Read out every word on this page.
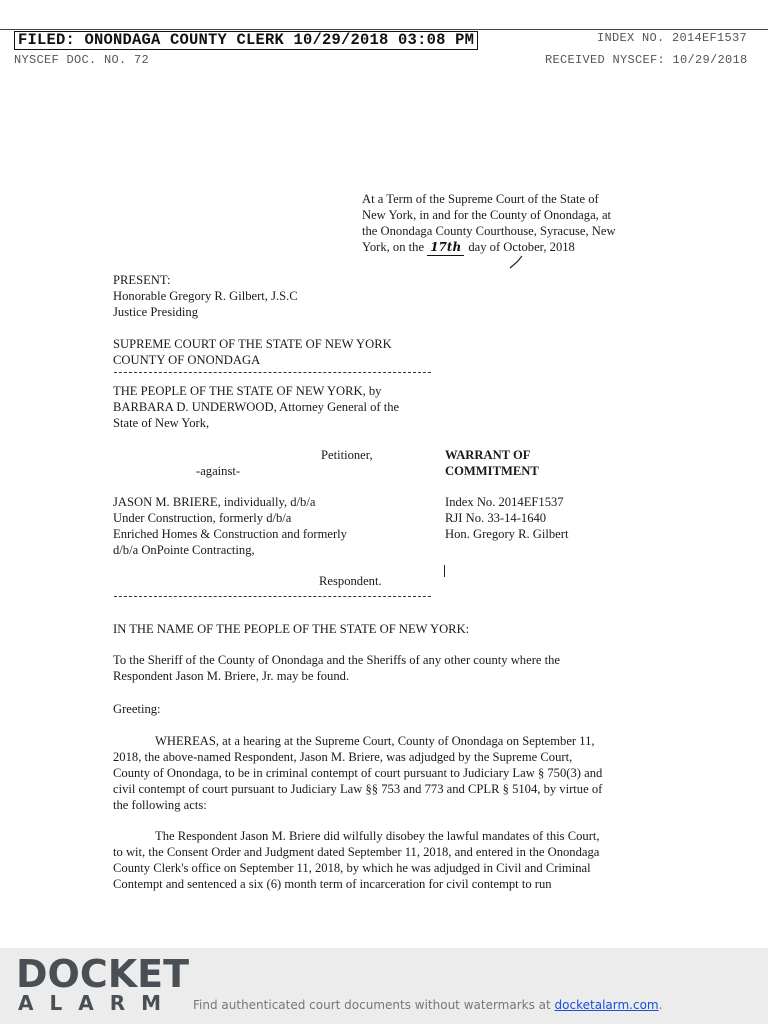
FILED: ONONDAGA COUNTY CLERK 10/29/2018 03:08 PM	INDEX NO. 2014EF1537
NYSCEF DOC. NO. 72	RECEIVED NYSCEF: 10/29/2018
At a Term of the Supreme Court of the State of
New York, in and for the County of Onondaga, at
the Onondaga County Courthouse, Syracuse, New
York, on the 17th day of October, 2018
PRESENT:
Honorable Gregory R. Gilbert, J.S.C
Justice Presiding
SUPREME COURT OF THE STATE OF NEW YORK
COUNTY OF ONONDAGA
THE PEOPLE OF THE STATE OF NEW YORK, by
BARBARA D. UNDERWOOD, Attorney General of the
State of New York,
Petitioner,
-against-
WARRANT OF
COMMITMENT
JASON M. BRIERE, individually, d/b/a
Under Construction, formerly d/b/a
Enriched Homes & Construction and formerly
d/b/a OnPointe Contracting,
Respondent.
Index No. 2014EF1537
RJI No. 33-14-1640
Hon. Gregory R. Gilbert
IN THE NAME OF THE PEOPLE OF THE STATE OF NEW YORK:
To the Sheriff of the County of Onondaga and the Sheriffs of any other county where the
Respondent Jason M. Briere, Jr. may be found.
Greeting:
WHEREAS, at a hearing at the Supreme Court, County of Onondaga on September 11,
2018, the above-named Respondent, Jason M. Briere, was adjudged by the Supreme Court,
County of Onondaga, to be in criminal contempt of court pursuant to Judiciary Law § 750(3) and
civil contempt of court pursuant to Judiciary Law §§ 753 and 773 and CPLR § 5104, by virtue of
the following acts:
The Respondent Jason M. Briere did wilfully disobey the lawful mandates of this Court,
to wit, the Consent Order and Judgment dated September 11, 2018, and entered in the Onondaga
County Clerk's office on September 11, 2018, by which he was adjudged in Civil and Criminal
Contempt and sentenced a six (6) month term of incarceration for civil contempt to run
DOCKET
ALARM Find authenticated court documents without watermarks at docketalarm.com.
